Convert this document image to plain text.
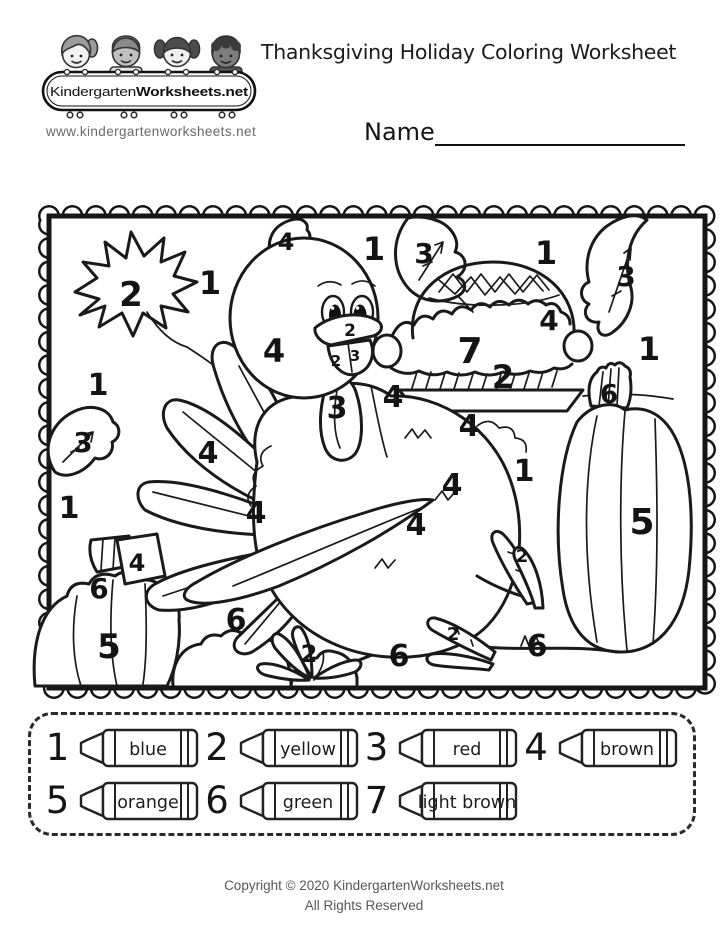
Kindergarten Worksheets.net
www.kindergartenworksheets.net
Thanksgiving Holiday Coloring Worksheet
Name
2 1
4 1 3	1
3
4
7
2
1
6
2
2 3
4
3 4
4
4
4
4
4
4
1
1
1
3
5
5
6
6
6	6
2
2
2
1	blue 2	yellow 3	red 4	brown
5	orange 6	green 7 light brown
Copyright © 2020 KindergartenWorksheets.net
All Rights Reserved
